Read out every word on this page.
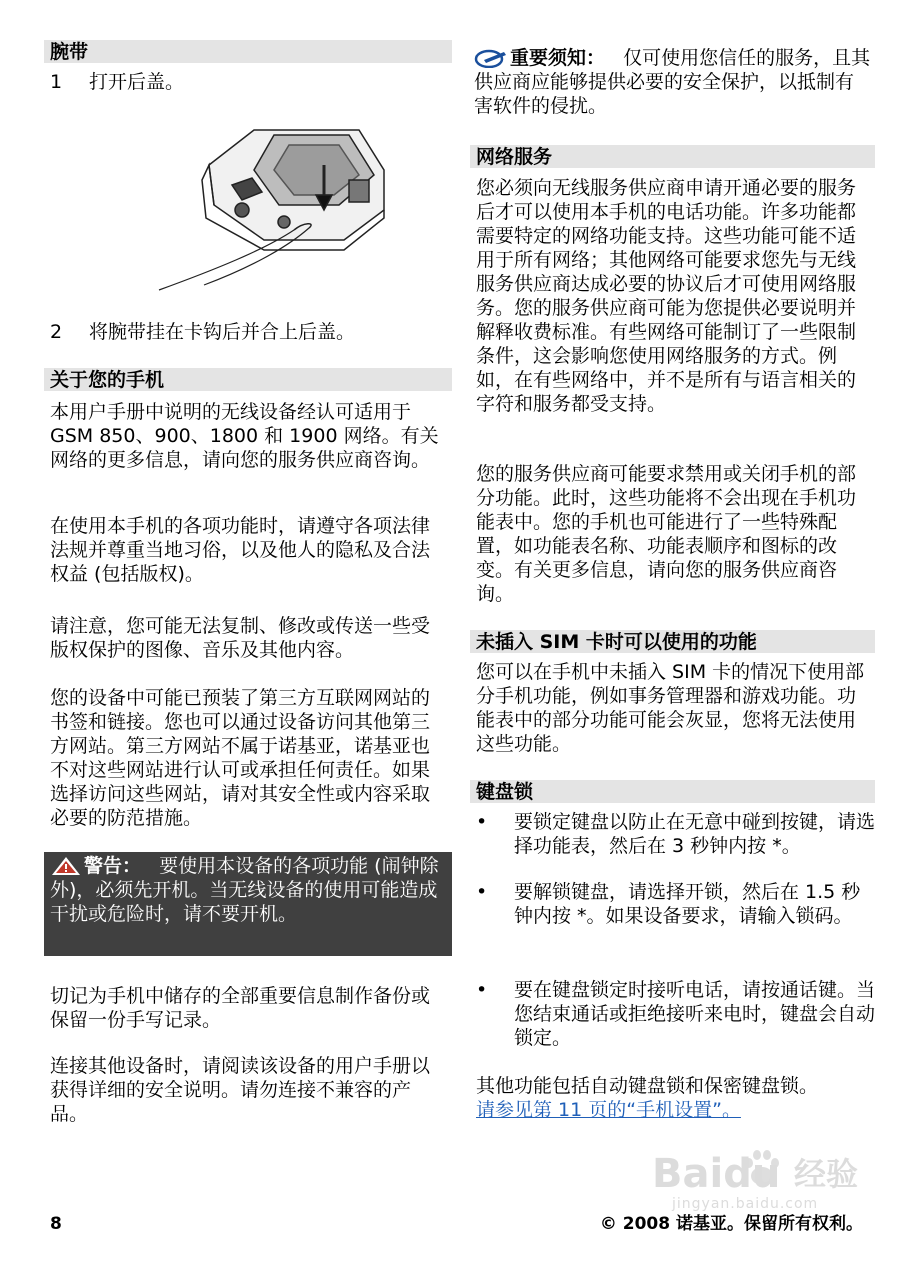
腕带
1 打开后盖。
2 将腕带挂在卡钩后并合上后盖。
关于您的手机

本用户手册中说明的无线设备经认可适用于 GSM 850、900、1800 和 1900 网络。有关网络的更多信息，请向您的服务供应商咨询。

在使用本手机的各项功能时，请遵守各项法律法规并尊重当地习俗，以及他人的隐私及合法权益 (包括版权)。

请注意，您可能无法复制、修改或传送一些受版权保护的图像、音乐及其他内容。

您的设备中可能已预装了第三方互联网网站的书签和链接。您也可以通过设备访问其他第三方网站。第三方网站不属于诺基亚，诺基亚也不对这些网站进行认可或承担任何责任。如果选择访问这些网站，请对其安全性或内容采取必要的防范措施。

警告： 要使用本设备的各项功能 (闹钟除外)，必须先开机。当无线设备的使用可能造成干扰或危险时，请不要开机。

切记为手机中储存的全部重要信息制作备份或保留一份手写记录。

连接其他设备时，请阅读该设备的用户手册以获得详细的安全说明。请勿连接不兼容的产品。

重要须知： 仅可使用您信任的服务，且其供应商应能够提供必要的安全保护，以抵制有害软件的侵扰。

网络服务

您必须向无线服务供应商申请开通必要的服务后才可以使用本手机的电话功能。许多功能都需要特定的网络功能支持。这些功能可能不适用于所有网络；其他网络可能要求您先与无线服务供应商达成必要的协议后才可使用网络服务。您的服务供应商可能为您提供必要说明并解释收费标准。有些网络可能制订了一些限制条件，这会影响您使用网络服务的方式。例如，在有些网络中，并不是所有与语言相关的字符和服务都受支持。

您的服务供应商可能要求禁用或关闭手机的部分功能。此时，这些功能将不会出现在手机功能表中。您的手机也可能进行了一些特殊配置，如功能表名称、功能表顺序和图标的改变。有关更多信息，请向您的服务供应商咨询。

未插入 SIM 卡时可以使用的功能

您可以在手机中未插入 SIM 卡的情况下使用部分手机功能，例如事务管理器和游戏功能。功能表中的部分功能可能会灰显，您将无法使用这些功能。

键盘锁
• 要锁定键盘以防止在无意中碰到按键，请选择功能表，然后在 3 秒钟内按 *。

• 要解锁键盘，请选择开锁，然后在 1.5 秒钟内按 *。如果设备要求，请输入锁码。

• 要在键盘锁定时接听电话，请按通话键。当您结束通话或拒绝接听来电时，键盘会自动锁定。

其他功能包括自动键盘锁和保密键盘锁。
请参见第 11 页的“手机设置”。

Baidu 经验
jingyan.baidu.com
8	© 2008 诺基亚。保留所有权利。
